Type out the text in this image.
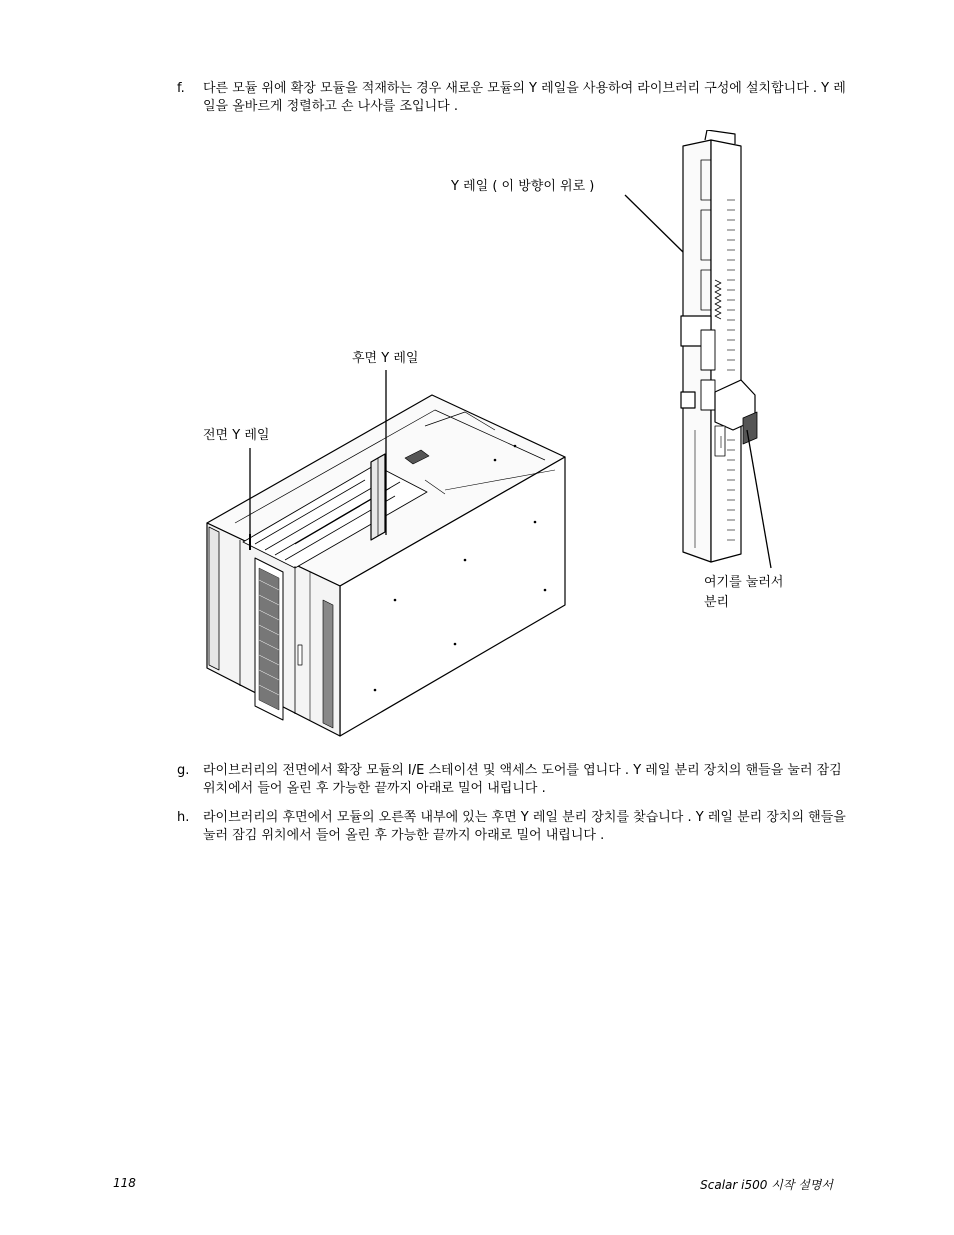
f. 다른 모듈 위에 확장 모듈을 적재하는 경우 새로운 모듈의 Y 레일을 사용하여 라이브러리 구성에 설치합니다 . Y 레일을 올바르게 정렬하고 손 나사를 조입니다 .
Y 레일 ( 이 방향이 위로 )
후면 Y 레일
전면 Y 레일
여기를 눌러서
분리
g. 라이브러리의 전면에서 확장 모듈의 I/E 스테이션 및 액세스 도어를 엽니다 . Y 레일 분리 장치의 핸들을 눌러 잠김 위치에서 들어 올린 후 가능한 끝까지 아래로 밀어 내립니다 .
h. 라이브러리의 후면에서 모듈의 오른쪽 내부에 있는 후면 Y 레일 분리 장치를 찾습니다 . Y 레일 분리 장치의 핸들을 눌러 잠김 위치에서 들어 올린 후 가능한 끝까지 아래로 밀어 내립니다 .
118	Scalar i500 시작 설명서
